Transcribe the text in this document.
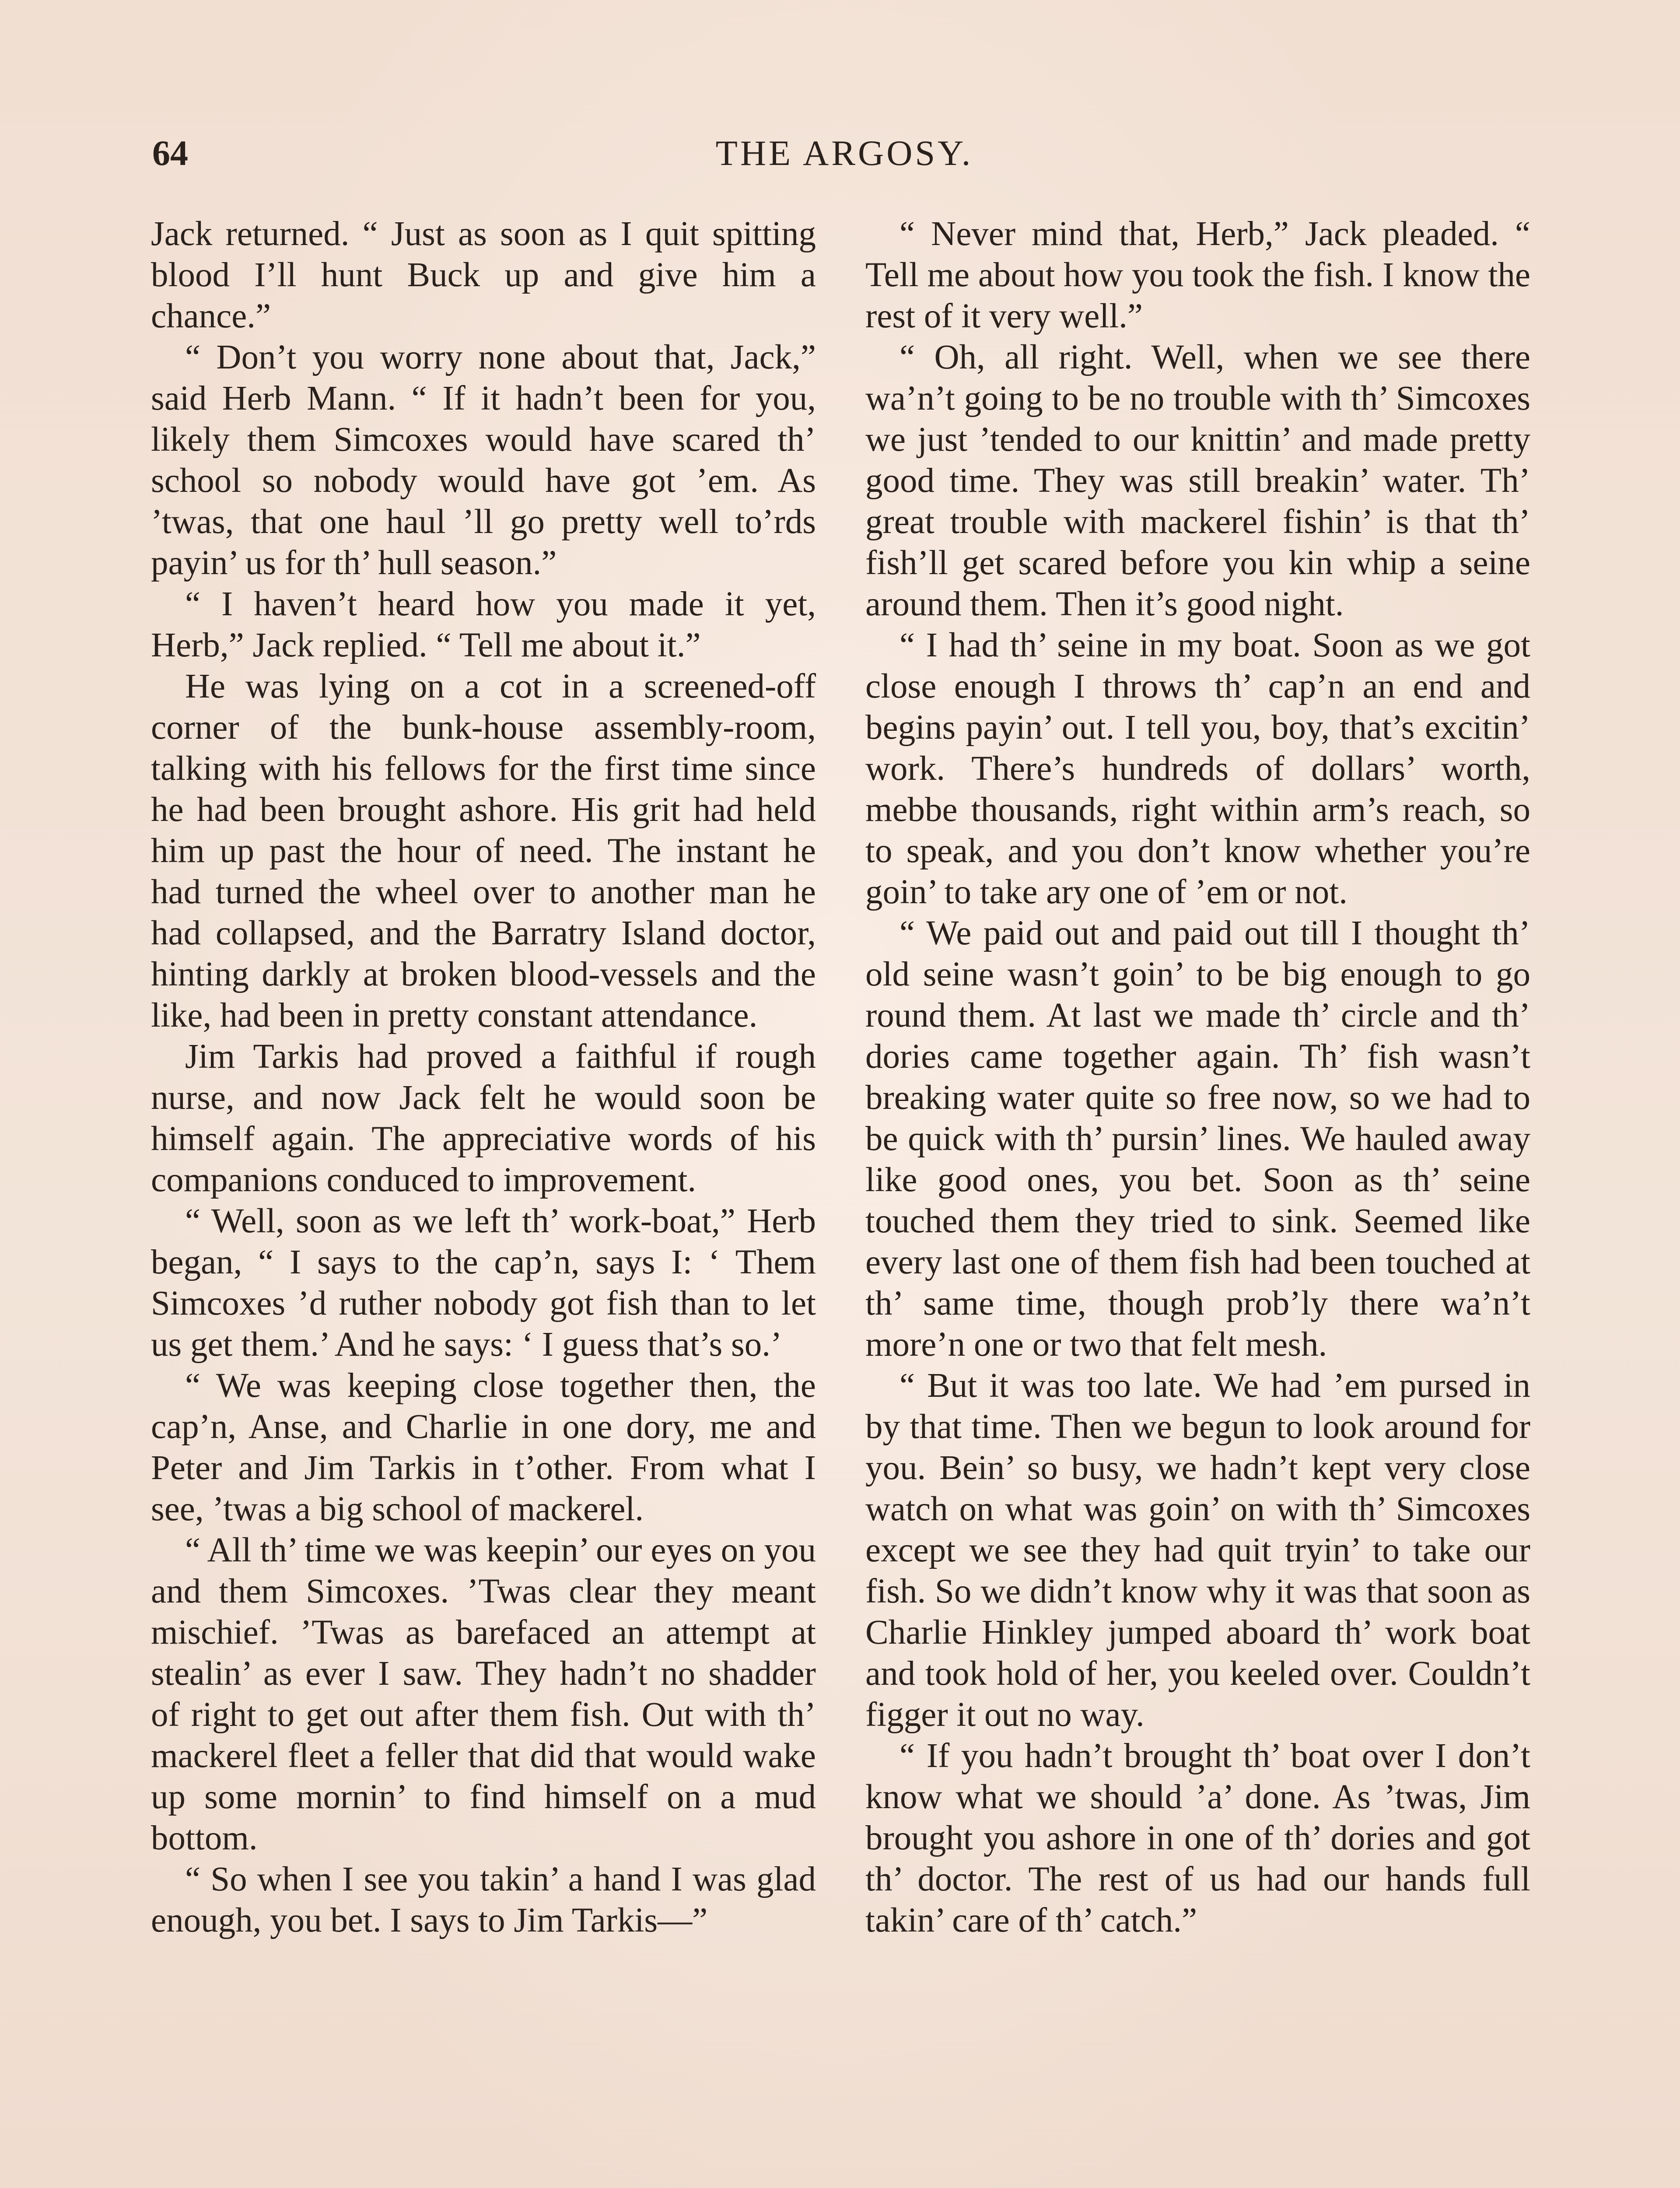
64	THE ARGOSY.

Jack returned. “ Just as soon as I quit spitting blood I’ll hunt Buck up and give him a chance.”

“ Don’t you worry none about that, Jack,” said Herb Mann. “ If it hadn’t been for you, likely them Simcoxes would have scared th’ school so nobody would have got ’em. As ’twas, that one haul ’ll go pretty well to’rds payin’ us for th’ hull season.”

“ I haven’t heard how you made it yet, Herb,” Jack replied. “ Tell me about it.”

He was lying on a cot in a screened-off corner of the bunk-house assembly-room, talking with his fellows for the first time since he had been brought ashore. His grit had held him up past the hour of need. The instant he had turned the wheel over to another man he had collapsed, and the Barratry Island doctor, hinting darkly at broken blood-vessels and the like, had been in pretty constant attendance.

Jim Tarkis had proved a faithful if rough nurse, and now Jack felt he would soon be himself again. The appreciative words of his companions conduced to improvement.

“ Well, soon as we left th’ work-boat,” Herb began, “ I says to the cap’n, says I: ‘ Them Simcoxes ’d ruther nobody got fish than to let us get them.’ And he says: ‘ I guess that’s so.’

“ We was keeping close together then, the cap’n, Anse, and Charlie in one dory, me and Peter and Jim Tarkis in t’other. From what I see, ’twas a big school of mackerel.

“ All th’ time we was keepin’ our eyes on you and them Simcoxes. ’Twas clear they meant mischief. ’Twas as barefaced an attempt at stealin’ as ever I saw. They hadn’t no shadder of right to get out after them fish. Out with th’ mackerel fleet a feller that did that would wake up some mornin’ to find himself on a mud bottom.

“ So when I see you takin’ a hand I was glad enough, you bet. I says to Jim Tarkis—”

“ Never mind that, Herb,” Jack pleaded. “ Tell me about how you took the fish. I know the rest of it very well.”

“ Oh, all right. Well, when we see there wa’n’t going to be no trouble with th’ Simcoxes we just ’tended to our knittin’ and made pretty good time. They was still breakin’ water. Th’ great trouble with mackerel fishin’ is that th’ fish’ll get scared before you kin whip a seine around them. Then it’s good night.

“ I had th’ seine in my boat. Soon as we got close enough I throws th’ cap’n an end and begins payin’ out. I tell you, boy, that’s excitin’ work. There’s hundreds of dollars’ worth, mebbe thousands, right within arm’s reach, so to speak, and you don’t know whether you’re goin’ to take ary one of ’em or not.

“ We paid out and paid out till I thought th’ old seine wasn’t goin’ to be big enough to go round them. At last we made th’ circle and th’ dories came together again. Th’ fish wasn’t breaking water quite so free now, so we had to be quick with th’ pursin’ lines. We hauled away like good ones, you bet. Soon as th’ seine touched them they tried to sink. Seemed like every last one of them fish had been touched at th’ same time, though prob’ly there wa’n’t more’n one or two that felt mesh.

“ But it was too late. We had ’em pursed in by that time. Then we begun to look around for you. Bein’ so busy, we hadn’t kept very close watch on what was goin’ on with th’ Simcoxes except we see they had quit tryin’ to take our fish. So we didn’t know why it was that soon as Charlie Hinkley jumped aboard th’ work boat and took hold of her, you keeled over. Couldn’t figger it out no way.

“ If you hadn’t brought th’ boat over I don’t know what we should ’a’ done. As ’twas, Jim brought you ashore in one of th’ dories and got th’ doctor. The rest of us had our hands full takin’ care of th’ catch.”
